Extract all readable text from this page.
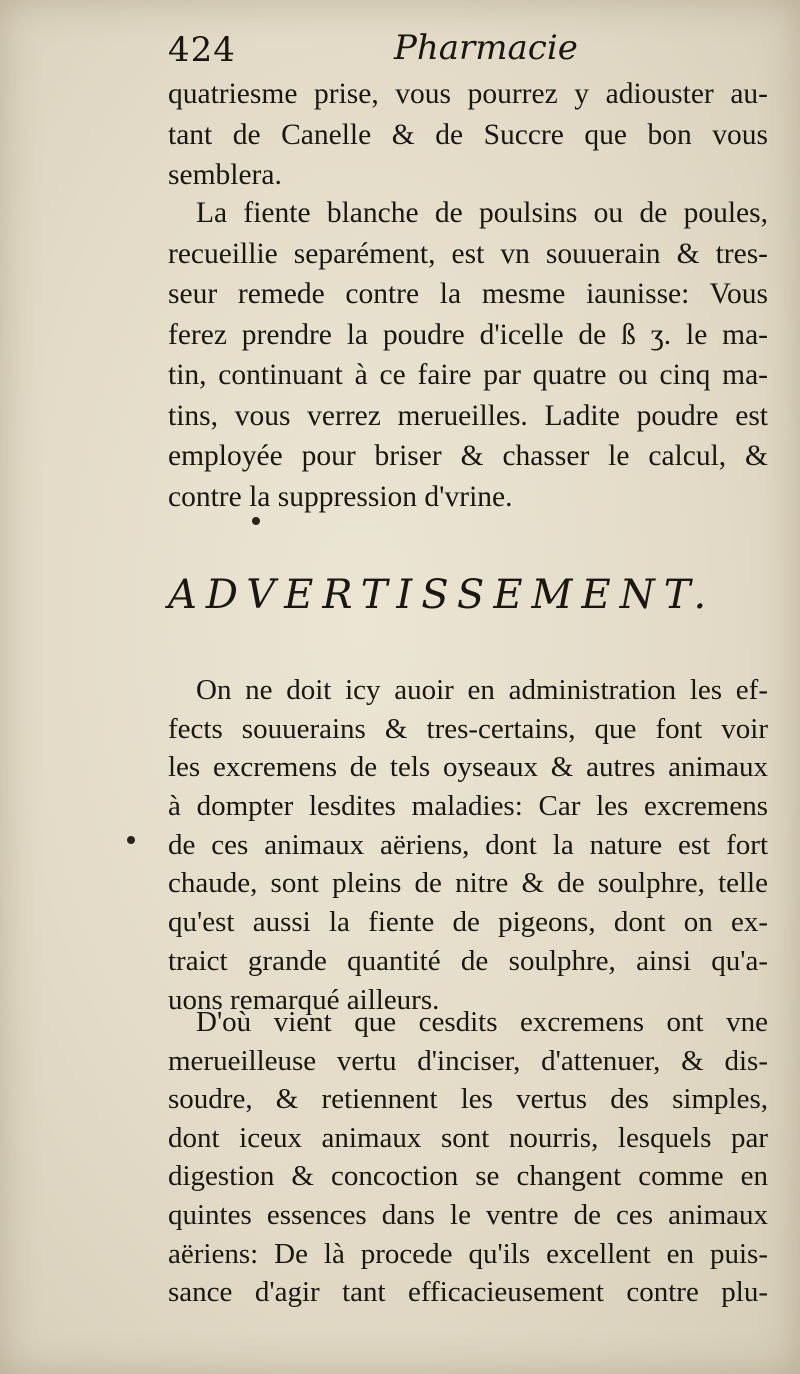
424	Pharmacie
quatriesme prise, vous pourrez y adiouster au-
tant de Canelle & de Succre que bon vous
semblera.
La fiente blanche de poulsins ou de poules,
recueillie separément, est vn souuerain & tres-
seur remede contre la mesme iaunisse: Vous
ferez prendre la poudre d'icelle de ß ʒ. le ma-
tin, continuant à ce faire par quatre ou cinq ma-
tins, vous verrez merueilles. Ladite poudre est
employée pour briser & chasser le calcul, &
contre la suppression d'vrine.
ADVERTISSEMENT.
On ne doit icy auoir en administration les ef-
fects souuerains & tres-certains, que font voir
les excremens de tels oyseaux & autres animaux
à dompter lesdites maladies: Car les excremens
de ces animaux aëriens, dont la nature est fort
chaude, sont pleins de nitre & de soulphre, telle
qu'est aussi la fiente de pigeons, dont on ex-
traict grande quantité de soulphre, ainsi qu'a-
uons remarqué ailleurs.
D'où vient que cesdits excremens ont vne
merueilleuse vertu d'inciser, d'attenuer, & dis-
soudre, & retiennent les vertus des simples,
dont iceux animaux sont nourris, lesquels par
digestion & concoction se changent comme en
quintes essences dans le ventre de ces animaux
aëriens: De là procede qu'ils excellent en puis-
sance d'agir tant efficacieusement contre plu-
